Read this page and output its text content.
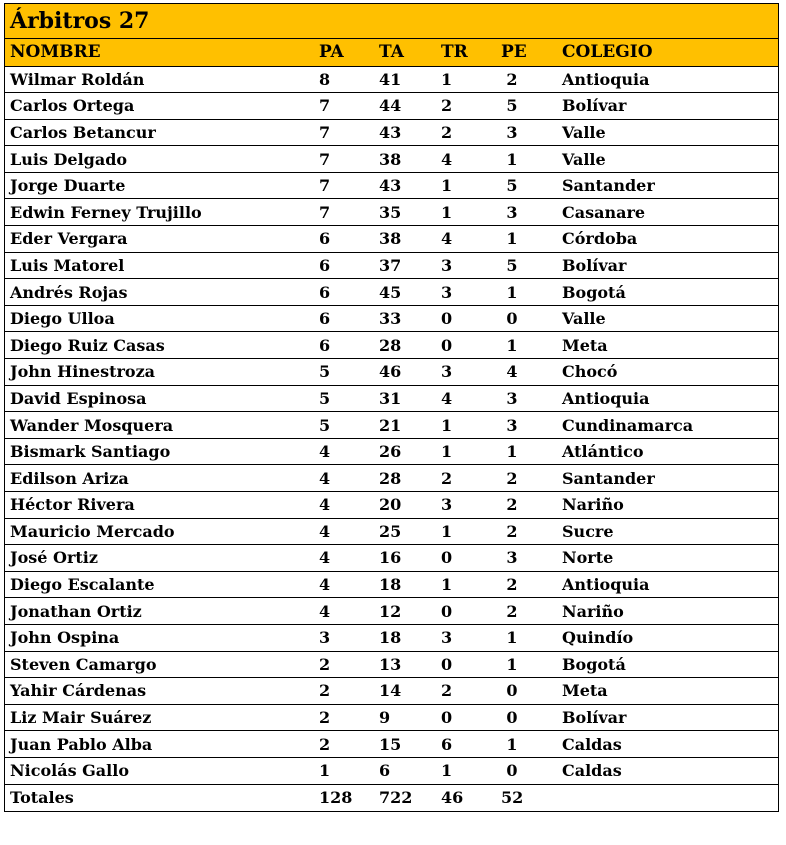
Árbitros 27
NOMBRE	PA	TA	TR	PE	COLEGIO
Wilmar Roldán	8	41	1	2	Antioquia
Carlos Ortega	7	44	2	5	Bolívar
Carlos Betancur	7	43	2	3	Valle
Luis Delgado	7	38	4	1	Valle
Jorge Duarte	7	43	1	5	Santander
Edwin Ferney Trujillo	7	35	1	3	Casanare
Eder Vergara	6	38	4	1	Córdoba
Luis Matorel	6	37	3	5	Bolívar
Andrés Rojas	6	45	3	1	Bogotá
Diego Ulloa	6	33	0	0	Valle
Diego Ruiz Casas	6	28	0	1	Meta
John Hinestroza	5	46	3	4	Chocó
David Espinosa	5	31	4	3	Antioquia
Wander Mosquera	5	21	1	3	Cundinamarca
Bismark Santiago	4	26	1	1	Atlántico
Edilson Ariza	4	28	2	2	Santander
Héctor Rivera	4	20	3	2	Nariño
Mauricio Mercado	4	25	1	2	Sucre
José Ortiz	4	16	0	3	Norte
Diego Escalante	4	18	1	2	Antioquia
Jonathan Ortiz	4	12	0	2	Nariño
John Ospina	3	18	3	1	Quindío
Steven Camargo	2	13	0	1	Bogotá
Yahir Cárdenas	2	14	2	0	Meta
Liz Mair Suárez	2	9	0	0	Bolívar
Juan Pablo Alba	2	15	6	1	Caldas
Nicolás Gallo	1	6	1	0	Caldas
Totales	128	722	46	52	
